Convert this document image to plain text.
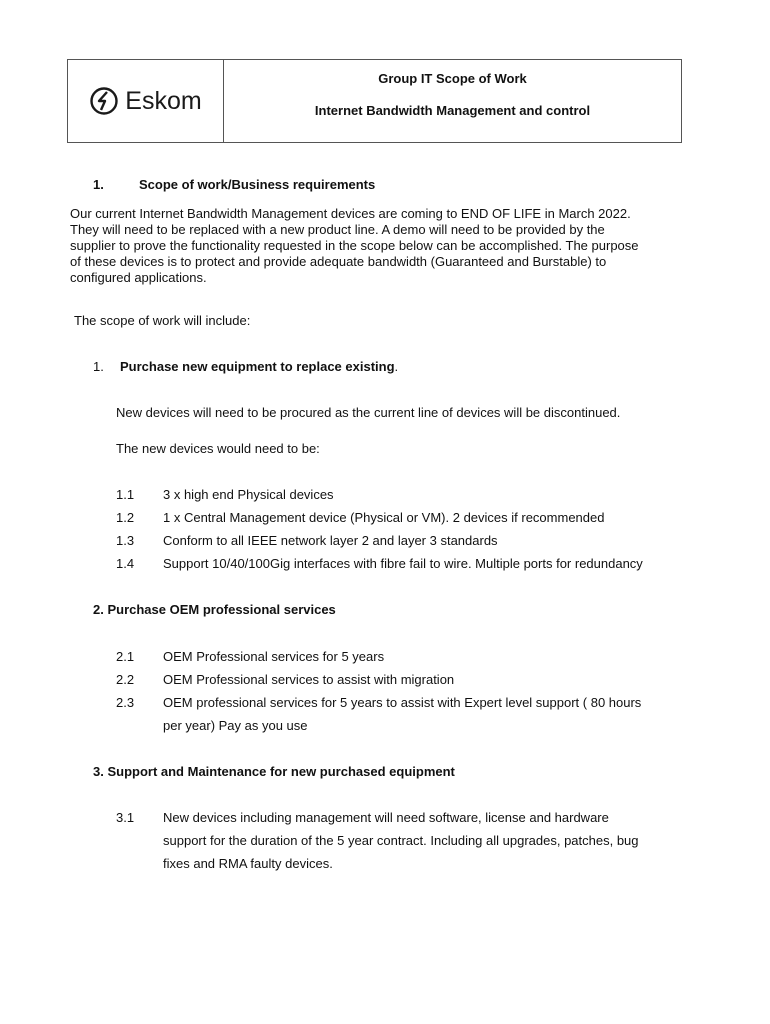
Eskom
Group IT Scope of Work
Internet Bandwidth Management and control
1.	Scope of work/Business requirements

Our current Internet Bandwidth Management devices are coming to END OF LIFE in March 2022.

They will need to be replaced with a new product line. A demo will need to be provided by the

supplier to prove the functionality requested in the scope below can be accomplished. The purpose

of these devices is to protect and provide adequate bandwidth (Guaranteed and Burstable) to

configured applications.

The scope of work will include:
1. Purchase new equipment to replace existing.
New devices will need to be procured as the current line of devices will be discontinued.
The new devices would need to be:
1.1 3 x high end Physical devices
1.2 1 x Central Management device (Physical or VM). 2 devices if recommended
1.3 Conform to all IEEE network layer 2 and layer 3 standards
1.4 Support 10/40/100Gig interfaces with fibre fail to wire. Multiple ports for redundancy
2. Purchase OEM professional services
2.1 OEM Professional services for 5 years
2.2 OEM Professional services to assist with migration
2.3 OEM professional services for 5 years to assist with Expert level support ( 80 hours
per year) Pay as you use
3. Support and Maintenance for new purchased equipment
3.1 New devices including management will need software, license and hardware
support for the duration of the 5 year contract. Including all upgrades, patches, bug
fixes and RMA faulty devices.
